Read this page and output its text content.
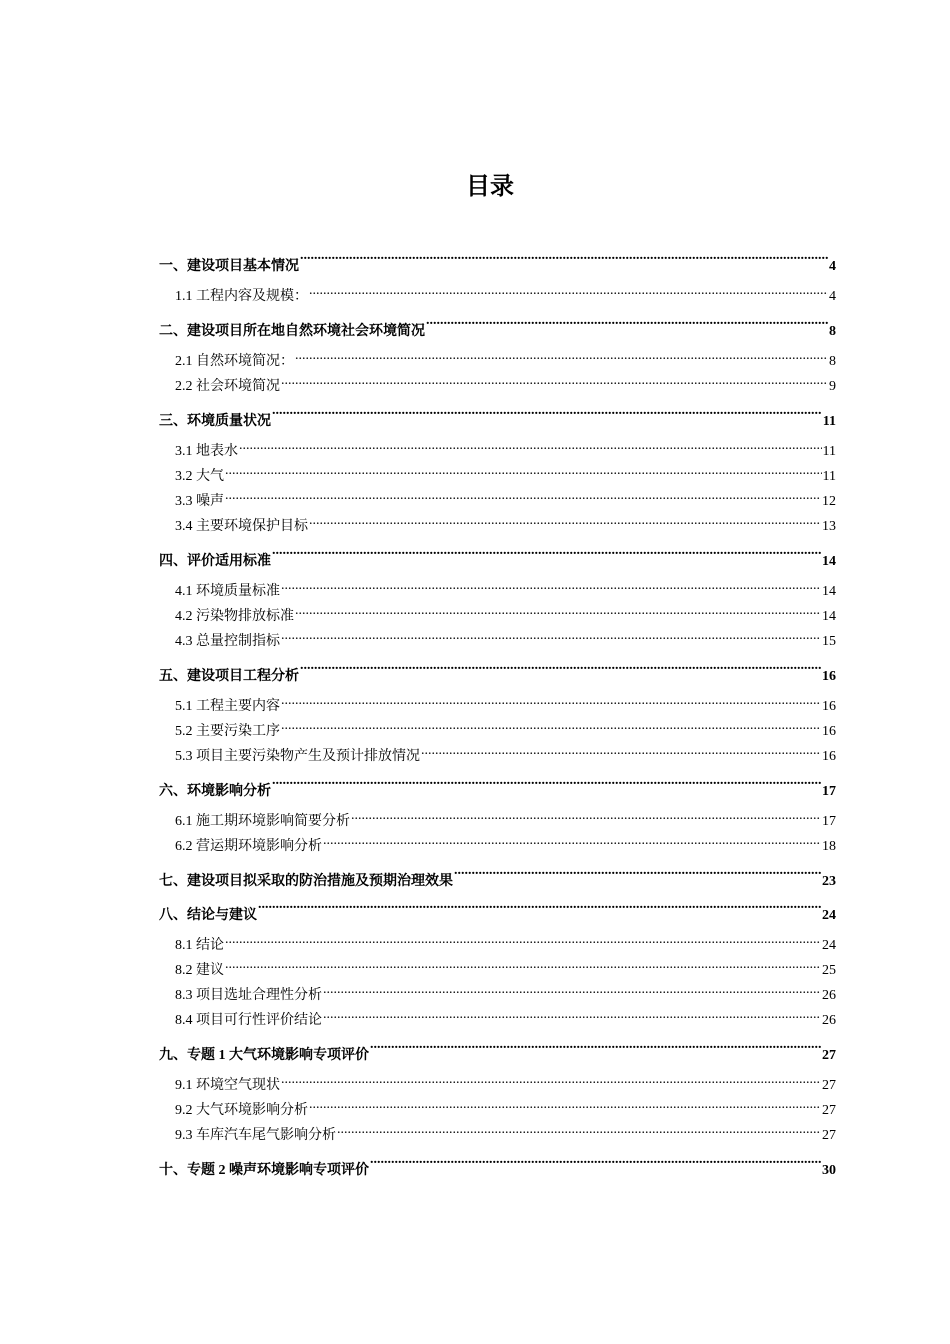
目录
一、建设项目基本情况 .....	4
1.1 工程内容及规模： .....	4
二、建设项目所在地自然环境社会环境简况 .....	8
2.1 自然环境简况： .....	8
2.2 社会环境简况 .....	9
三、环境质量状况 .....	11
3.1 地表水 .....	11
3.2 大气 .....	11
3.3 噪声 .....	12
3.4 主要环境保护目标 .....	13
四、评价适用标准 .....	14
4.1 环境质量标准 .....	14
4.2 污染物排放标准 .....	14
4.3 总量控制指标 .....	15
五、建设项目工程分析 .....	16
5.1 工程主要内容 .....	16
5.2 主要污染工序 .....	16
5.3 项目主要污染物产生及预计排放情况 .....	16
六、环境影响分析 .....	17
6.1 施工期环境影响简要分析 .....	17
6.2 营运期环境影响分析 .....	18
七、建设项目拟采取的防治措施及预期治理效果 .....	23
八、结论与建议 .....	24
8.1 结论 .....	24
8.2 建议 .....	25
8.3 项目选址合理性分析 .....	26
8.4 项目可行性评价结论 .....	26
九、专题 1 大气环境影响专项评价 .....	27
9.1 环境空气现状 .....	27
9.2 大气环境影响分析 .....	27
9.3 车库汽车尾气影响分析 .....	27
十、专题 2 噪声环境影响专项评价 .....	30
